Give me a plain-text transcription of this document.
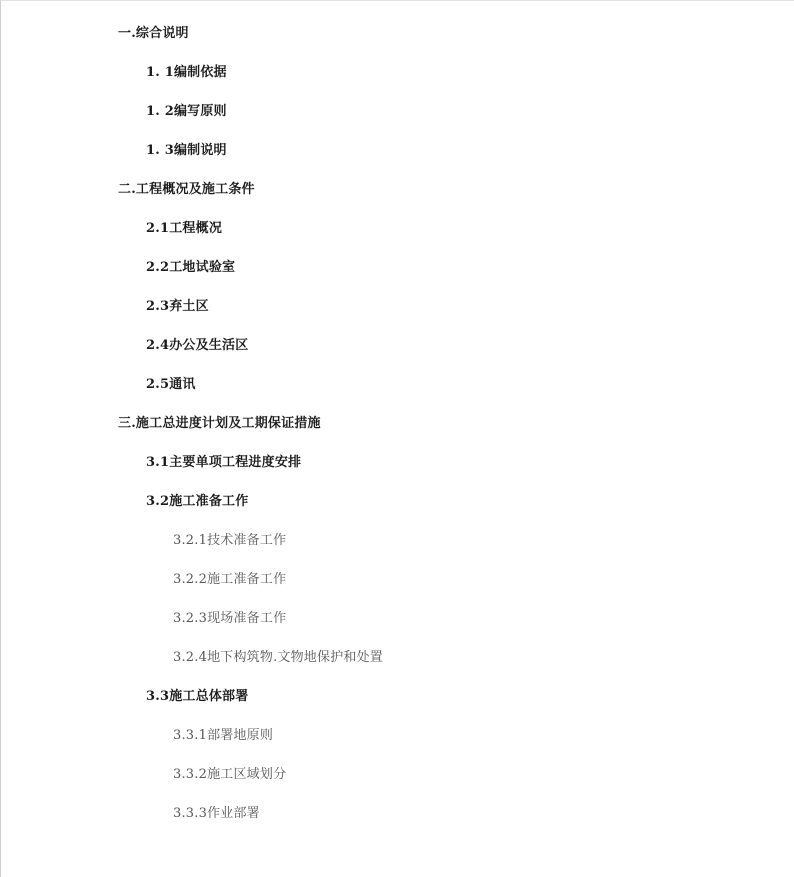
一.综合说明
1. 1编制依据
1. 2编写原则
1. 3编制说明
二.工程概况及施工条件
2.1工程概况
2.2工地试验室
2.3弃土区
2.4办公及生活区
2.5通讯
三.施工总进度计划及工期保证措施
3.1主要单项工程进度安排
3.2施工准备工作
3.2.1技术准备工作
3.2.2施工准备工作
3.2.3现场准备工作
3.2.4地下构筑物.文物地保护和处置
3.3施工总体部署
3.3.1部署地原则
3.3.2施工区域划分
3.3.3作业部署
